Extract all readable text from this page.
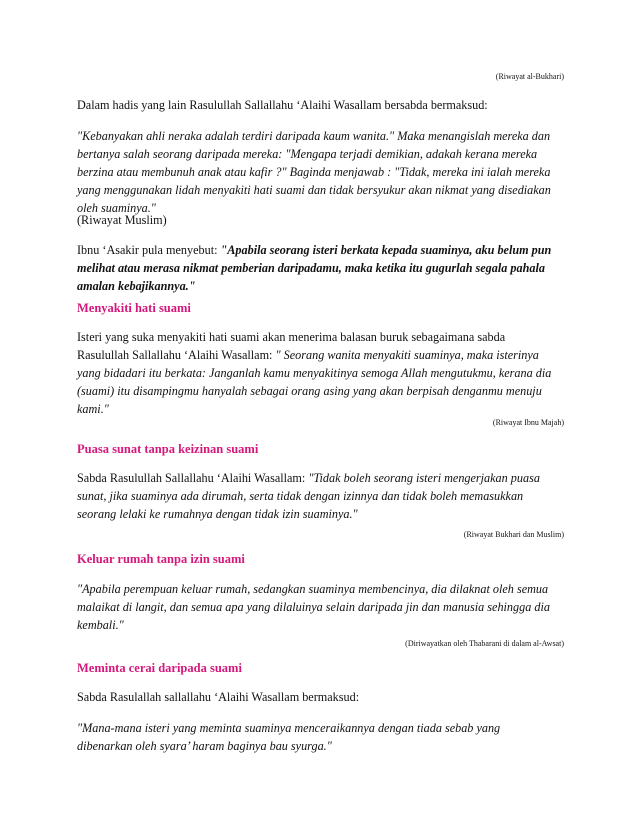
(Riwayat al-Bukhari)
Dalam hadis yang lain Rasulullah Sallallahu ‘Alaihi Wasallam bersabda bermaksud:
"Kebanyakan ahli neraka adalah terdiri daripada kaum wanita." Maka menangislah mereka dan
bertanya salah seorang daripada mereka: "Mengapa terjadi demikian, adakah kerana mereka
berzina atau membunuh anak atau kafir ?" Baginda menjawab : "Tidak, mereka ini ialah mereka
yang menggunakan lidah menyakiti hati suami dan tidak bersyukur akan nikmat yang disediakan
oleh suaminya."
(Riwayat Muslim)
Ibnu ‘Asakir pula menyebut: "Apabila seorang isteri berkata kepada suaminya, aku belum pun
melihat atau merasa nikmat pemberian daripadamu, maka ketika itu gugurlah segala pahala
amalan kebajikannya."
Menyakiti hati suami
Isteri yang suka menyakiti hati suami akan menerima balasan buruk sebagaimana sabda
Rasulullah Sallallahu ‘Alaihi Wasallam: " Seorang wanita menyakiti suaminya, maka isterinya
yang bidadari itu berkata: Janganlah kamu menyakitinya semoga Allah mengutukmu, kerana dia
(suami) itu disampingmu hanyalah sebagai orang asing yang akan berpisah denganmu menuju
kami."
(Riwayat Ibnu Majah)
Puasa sunat tanpa keizinan suami
Sabda Rasulullah Sallallahu ‘Alaihi Wasallam: "Tidak boleh seorang isteri mengerjakan puasa
sunat, jika suaminya ada dirumah, serta tidak dengan izinnya dan tidak boleh memasukkan
seorang lelaki ke rumahnya dengan tidak izin suaminya."
(Riwayat Bukhari dan Muslim)
Keluar rumah tanpa izin suami
"Apabila perempuan keluar rumah, sedangkan suaminya membencinya, dia dilaknat oleh semua
malaikat di langit, dan semua apa yang dilaluinya selain daripada jin dan manusia sehingga dia
kembali."
(Diriwayatkan oleh Thabarani di dalam al-Awsat)
Meminta cerai daripada suami
Sabda Rasulallah sallallahu ‘Alaihi Wasallam bermaksud:
"Mana-mana isteri yang meminta suaminya menceraikannya dengan tiada sebab yang
dibenarkan oleh syara’ haram baginya bau syurga."
